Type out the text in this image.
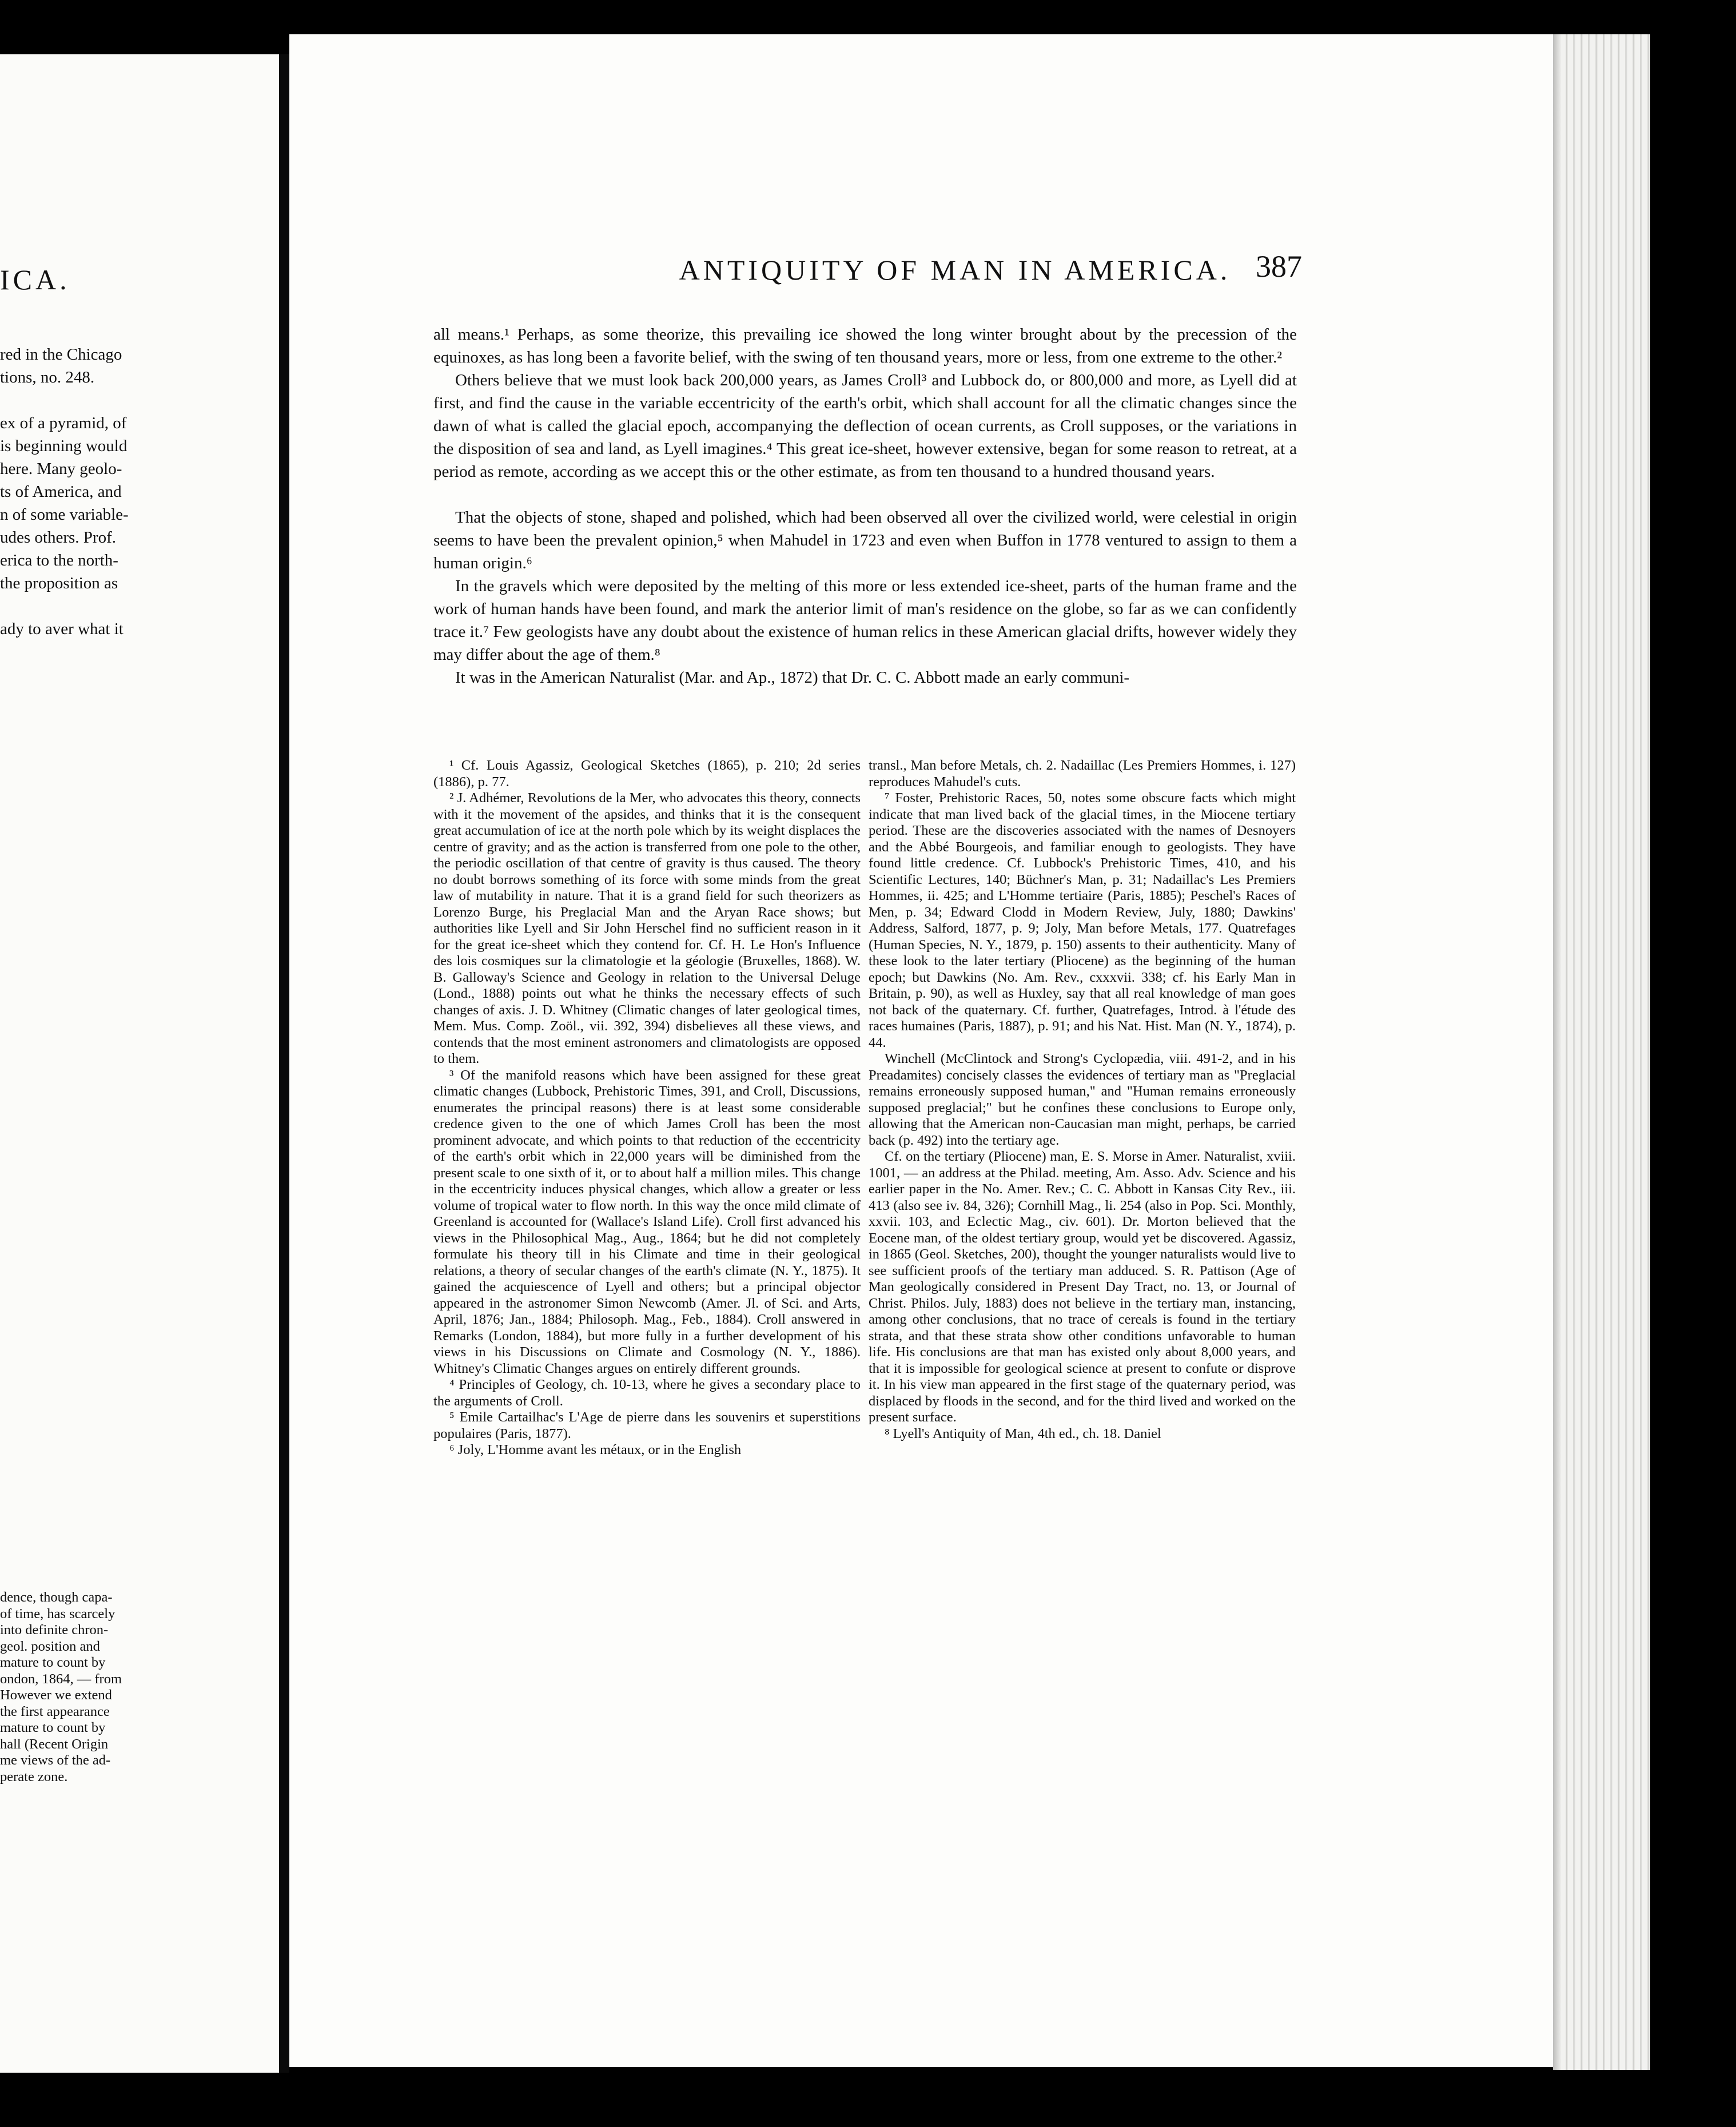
ICA.
red in the Chicago
tions, no. 248.
ex of a pyramid, of
is beginning would
here. Many geolo-
ts of America, and
n of some variable-
udes others. Prof.
erica to the north-
the proposition as
ady to aver what it
dence, though capa-
of time, has scarcely
into definite chron-
geol. position and
mature to count by
ondon, 1864, — from
However we extend
the first appearance
mature to count by
hall (Recent Origin
me views of the ad-
perate zone.
ANTIQUITY OF MAN IN AMERICA. 387

all means.¹ Perhaps, as some theorize, this prevailing ice showed the long winter brought about by the precession of the equinoxes, as has long been a favorite belief, with the swing of ten thousand years, more or less, from one extreme to the other.²

Others believe that we must look back 200,000 years, as James Croll³ and Lubbock do, or 800,000 and more, as Lyell did at first, and find the cause in the variable eccentricity of the earth's orbit, which shall account for all the climatic changes since the dawn of what is called the glacial epoch, accompanying the deflection of ocean currents, as Croll supposes, or the variations in the disposition of sea and land, as Lyell imagines.⁴ This great ice-sheet, however extensive, began for some reason to retreat, at a period as remote, according as we accept this or the other estimate, as from ten thousand to a hundred thousand years.

That the objects of stone, shaped and polished, which had been observed all over the civilized world, were celestial in origin seems to have been the prevalent opinion,⁵ when Mahudel in 1723 and even when Buffon in 1778 ventured to assign to them a human origin.⁶

In the gravels which were deposited by the melting of this more or less extended ice-sheet, parts of the human frame and the work of human hands have been found, and mark the anterior limit of man's residence on the globe, so far as we can confidently trace it.⁷ Few geologists have any doubt about the existence of human relics in these American glacial drifts, however widely they may differ about the age of them.⁸

It was in the American Naturalist (Mar. and Ap., 1872) that Dr. C. C. Abbott made an early communi-

¹ Cf. Louis Agassiz, Geological Sketches (1865), p. 210; 2d series (1886), p. 77.

² J. Adhémer, Revolutions de la Mer, who advocates this theory, connects with it the movement of the apsides, and thinks that it is the consequent great accumulation of ice at the north pole which by its weight displaces the centre of gravity; and as the action is transferred from one pole to the other, the periodic oscillation of that centre of gravity is thus caused. The theory no doubt borrows something of its force with some minds from the great law of mutability in nature. That it is a grand field for such theorizers as Lorenzo Burge, his Preglacial Man and the Aryan Race shows; but authorities like Lyell and Sir John Herschel find no sufficient reason in it for the great ice-sheet which they contend for. Cf. H. Le Hon's Influence des lois cosmiques sur la climatologie et la géologie (Bruxelles, 1868). W. B. Galloway's Science and Geology in relation to the Universal Deluge (Lond., 1888) points out what he thinks the necessary effects of such changes of axis. J. D. Whitney (Climatic changes of later geological times, Mem. Mus. Comp. Zoöl., vii. 392, 394) disbelieves all these views, and contends that the most eminent astronomers and climatologists are opposed to them.

³ Of the manifold reasons which have been assigned for these great climatic changes (Lubbock, Prehistoric Times, 391, and Croll, Discussions, enumerates the principal reasons) there is at least some considerable credence given to the one of which James Croll has been the most prominent advocate, and which points to that reduction of the eccentricity of the earth's orbit which in 22,000 years will be diminished from the present scale to one sixth of it, or to about half a million miles. This change in the eccentricity induces physical changes, which allow a greater or less volume of tropical water to flow north. In this way the once mild climate of Greenland is accounted for (Wallace's Island Life). Croll first advanced his views in the Philosophical Mag., Aug., 1864; but he did not completely formulate his theory till in his Climate and time in their geological relations, a theory of secular changes of the earth's climate (N. Y., 1875). It gained the acquiescence of Lyell and others; but a principal objector appeared in the astronomer Simon Newcomb (Amer. Jl. of Sci. and Arts, April, 1876; Jan., 1884; Philosoph. Mag., Feb., 1884). Croll answered in Remarks (London, 1884), but more fully in a further development of his views in his Discussions on Climate and Cosmology (N. Y., 1886). Whitney's Climatic Changes argues on entirely different grounds.

⁴ Principles of Geology, ch. 10-13, where he gives a secondary place to the arguments of Croll.

⁵ Emile Cartailhac's L'Age de pierre dans les souvenirs et superstitions populaires (Paris, 1877).

⁶ Joly, L'Homme avant les métaux, or in the English

transl., Man before Metals, ch. 2. Nadaillac (Les Premiers Hommes, i. 127) reproduces Mahudel's cuts.

⁷ Foster, Prehistoric Races, 50, notes some obscure facts which might indicate that man lived back of the glacial times, in the Miocene tertiary period. These are the discoveries associated with the names of Desnoyers and the Abbé Bourgeois, and familiar enough to geologists. They have found little credence. Cf. Lubbock's Prehistoric Times, 410, and his Scientific Lectures, 140; Büchner's Man, p. 31; Nadaillac's Les Premiers Hommes, ii. 425; and L'Homme tertiaire (Paris, 1885); Peschel's Races of Men, p. 34; Edward Clodd in Modern Review, July, 1880; Dawkins' Address, Salford, 1877, p. 9; Joly, Man before Metals, 177. Quatrefages (Human Species, N. Y., 1879, p. 150) assents to their authenticity. Many of these look to the later tertiary (Pliocene) as the beginning of the human epoch; but Dawkins (No. Am. Rev., cxxxvii. 338; cf. his Early Man in Britain, p. 90), as well as Huxley, say that all real knowledge of man goes not back of the quaternary. Cf. further, Quatrefages, Introd. à l'étude des races humaines (Paris, 1887), p. 91; and his Nat. Hist. Man (N. Y., 1874), p. 44.

Winchell (McClintock and Strong's Cyclopædia, viii. 491-2, and in his Preadamites) concisely classes the evidences of tertiary man as "Preglacial remains erroneously supposed human," and "Human remains erroneously supposed preglacial;" but he confines these conclusions to Europe only, allowing that the American non-Caucasian man might, perhaps, be carried back (p. 492) into the tertiary age.

Cf. on the tertiary (Pliocene) man, E. S. Morse in Amer. Naturalist, xviii. 1001, — an address at the Philad. meeting, Am. Asso. Adv. Science and his earlier paper in the No. Amer. Rev.; C. C. Abbott in Kansas City Rev., iii. 413 (also see iv. 84, 326); Cornhill Mag., li. 254 (also in Pop. Sci. Monthly, xxvii. 103, and Eclectic Mag., civ. 601). Dr. Morton believed that the Eocene man, of the oldest tertiary group, would yet be discovered. Agassiz, in 1865 (Geol. Sketches, 200), thought the younger naturalists would live to see sufficient proofs of the tertiary man adduced. S. R. Pattison (Age of Man geologically considered in Present Day Tract, no. 13, or Journal of Christ. Philos. July, 1883) does not believe in the tertiary man, instancing, among other conclusions, that no trace of cereals is found in the tertiary strata, and that these strata show other conditions unfavorable to human life. His conclusions are that man has existed only about 8,000 years, and that it is impossible for geological science at present to confute or disprove it. In his view man appeared in the first stage of the quaternary period, was displaced by floods in the second, and for the third lived and worked on the present surface.

⁸ Lyell's Antiquity of Man, 4th ed., ch. 18. Daniel
